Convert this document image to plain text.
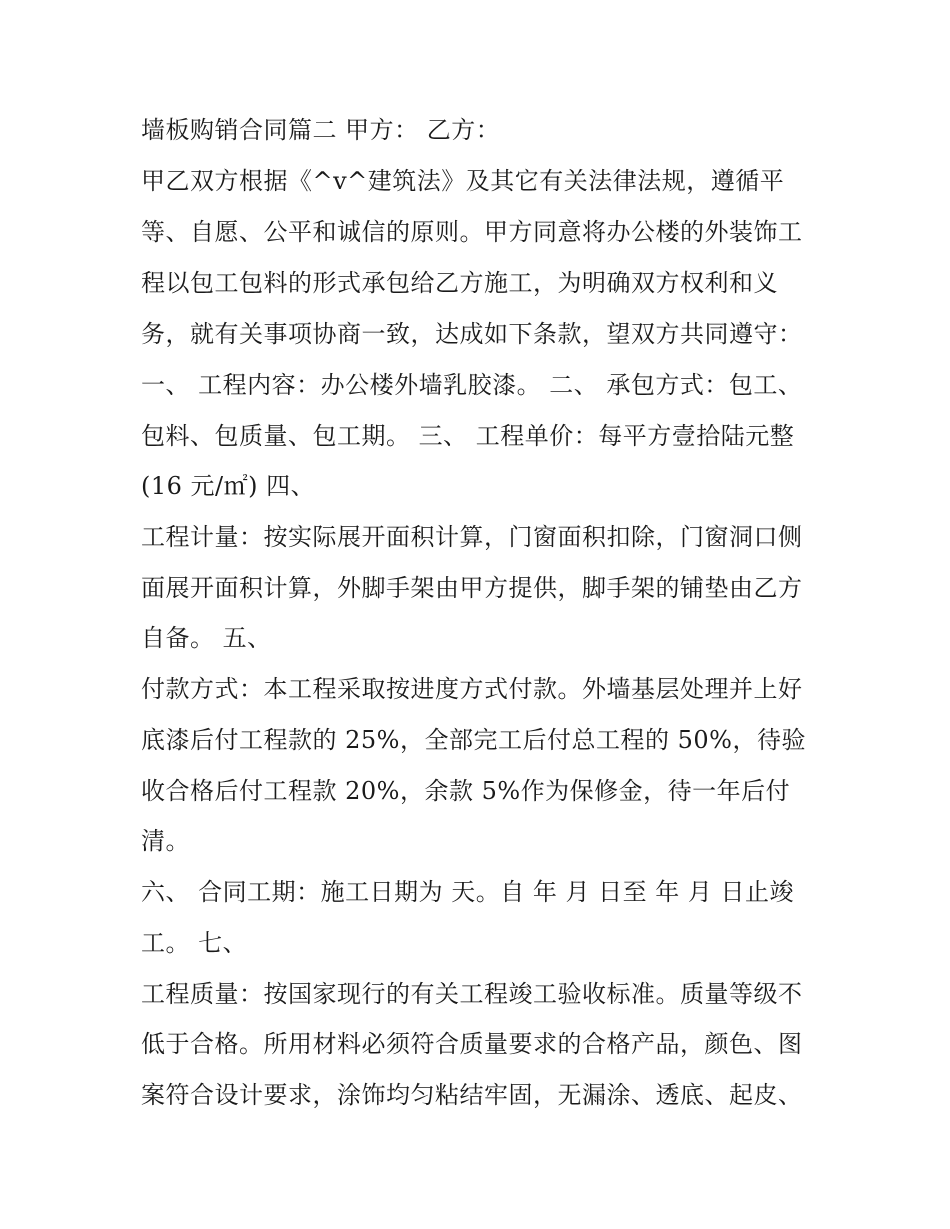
墙板购销合同篇二 甲方： 乙方：
甲乙双方根据《^v^建筑法》及其它有关法律法规，遵循平
等、自愿、公平和诚信的原则。甲方同意将办公楼的外装饰工
程以包工包料的形式承包给乙方施工，为明确双方权利和义
务，就有关事项协商一致，达成如下条款，望双方共同遵守：
一、 工程内容：办公楼外墙乳胶漆。 二、 承包方式：包工、
包料、包质量、包工期。 三、 工程单价：每平方壹拾陆元整
(16 元/㎡) 四、
工程计量：按实际展开面积计算，门窗面积扣除，门窗洞口侧
面展开面积计算，外脚手架由甲方提供，脚手架的铺垫由乙方
自备。 五、
付款方式：本工程采取按进度方式付款。外墙基层处理并上好
底漆后付工程款的 25%，全部完工后付总工程的 50%，待验
收合格后付工程款 20%，余款 5%作为保修金，待一年后付
清。
六、 合同工期：施工日期为 天。自 年 月 日至 年 月 日止竣
工。 七、
工程质量：按国家现行的有关工程竣工验收标准。质量等级不
低于合格。所用材料必须符合质量要求的合格产品，颜色、图
案符合设计要求，涂饰均匀粘结牢固，无漏涂、透底、起皮、
